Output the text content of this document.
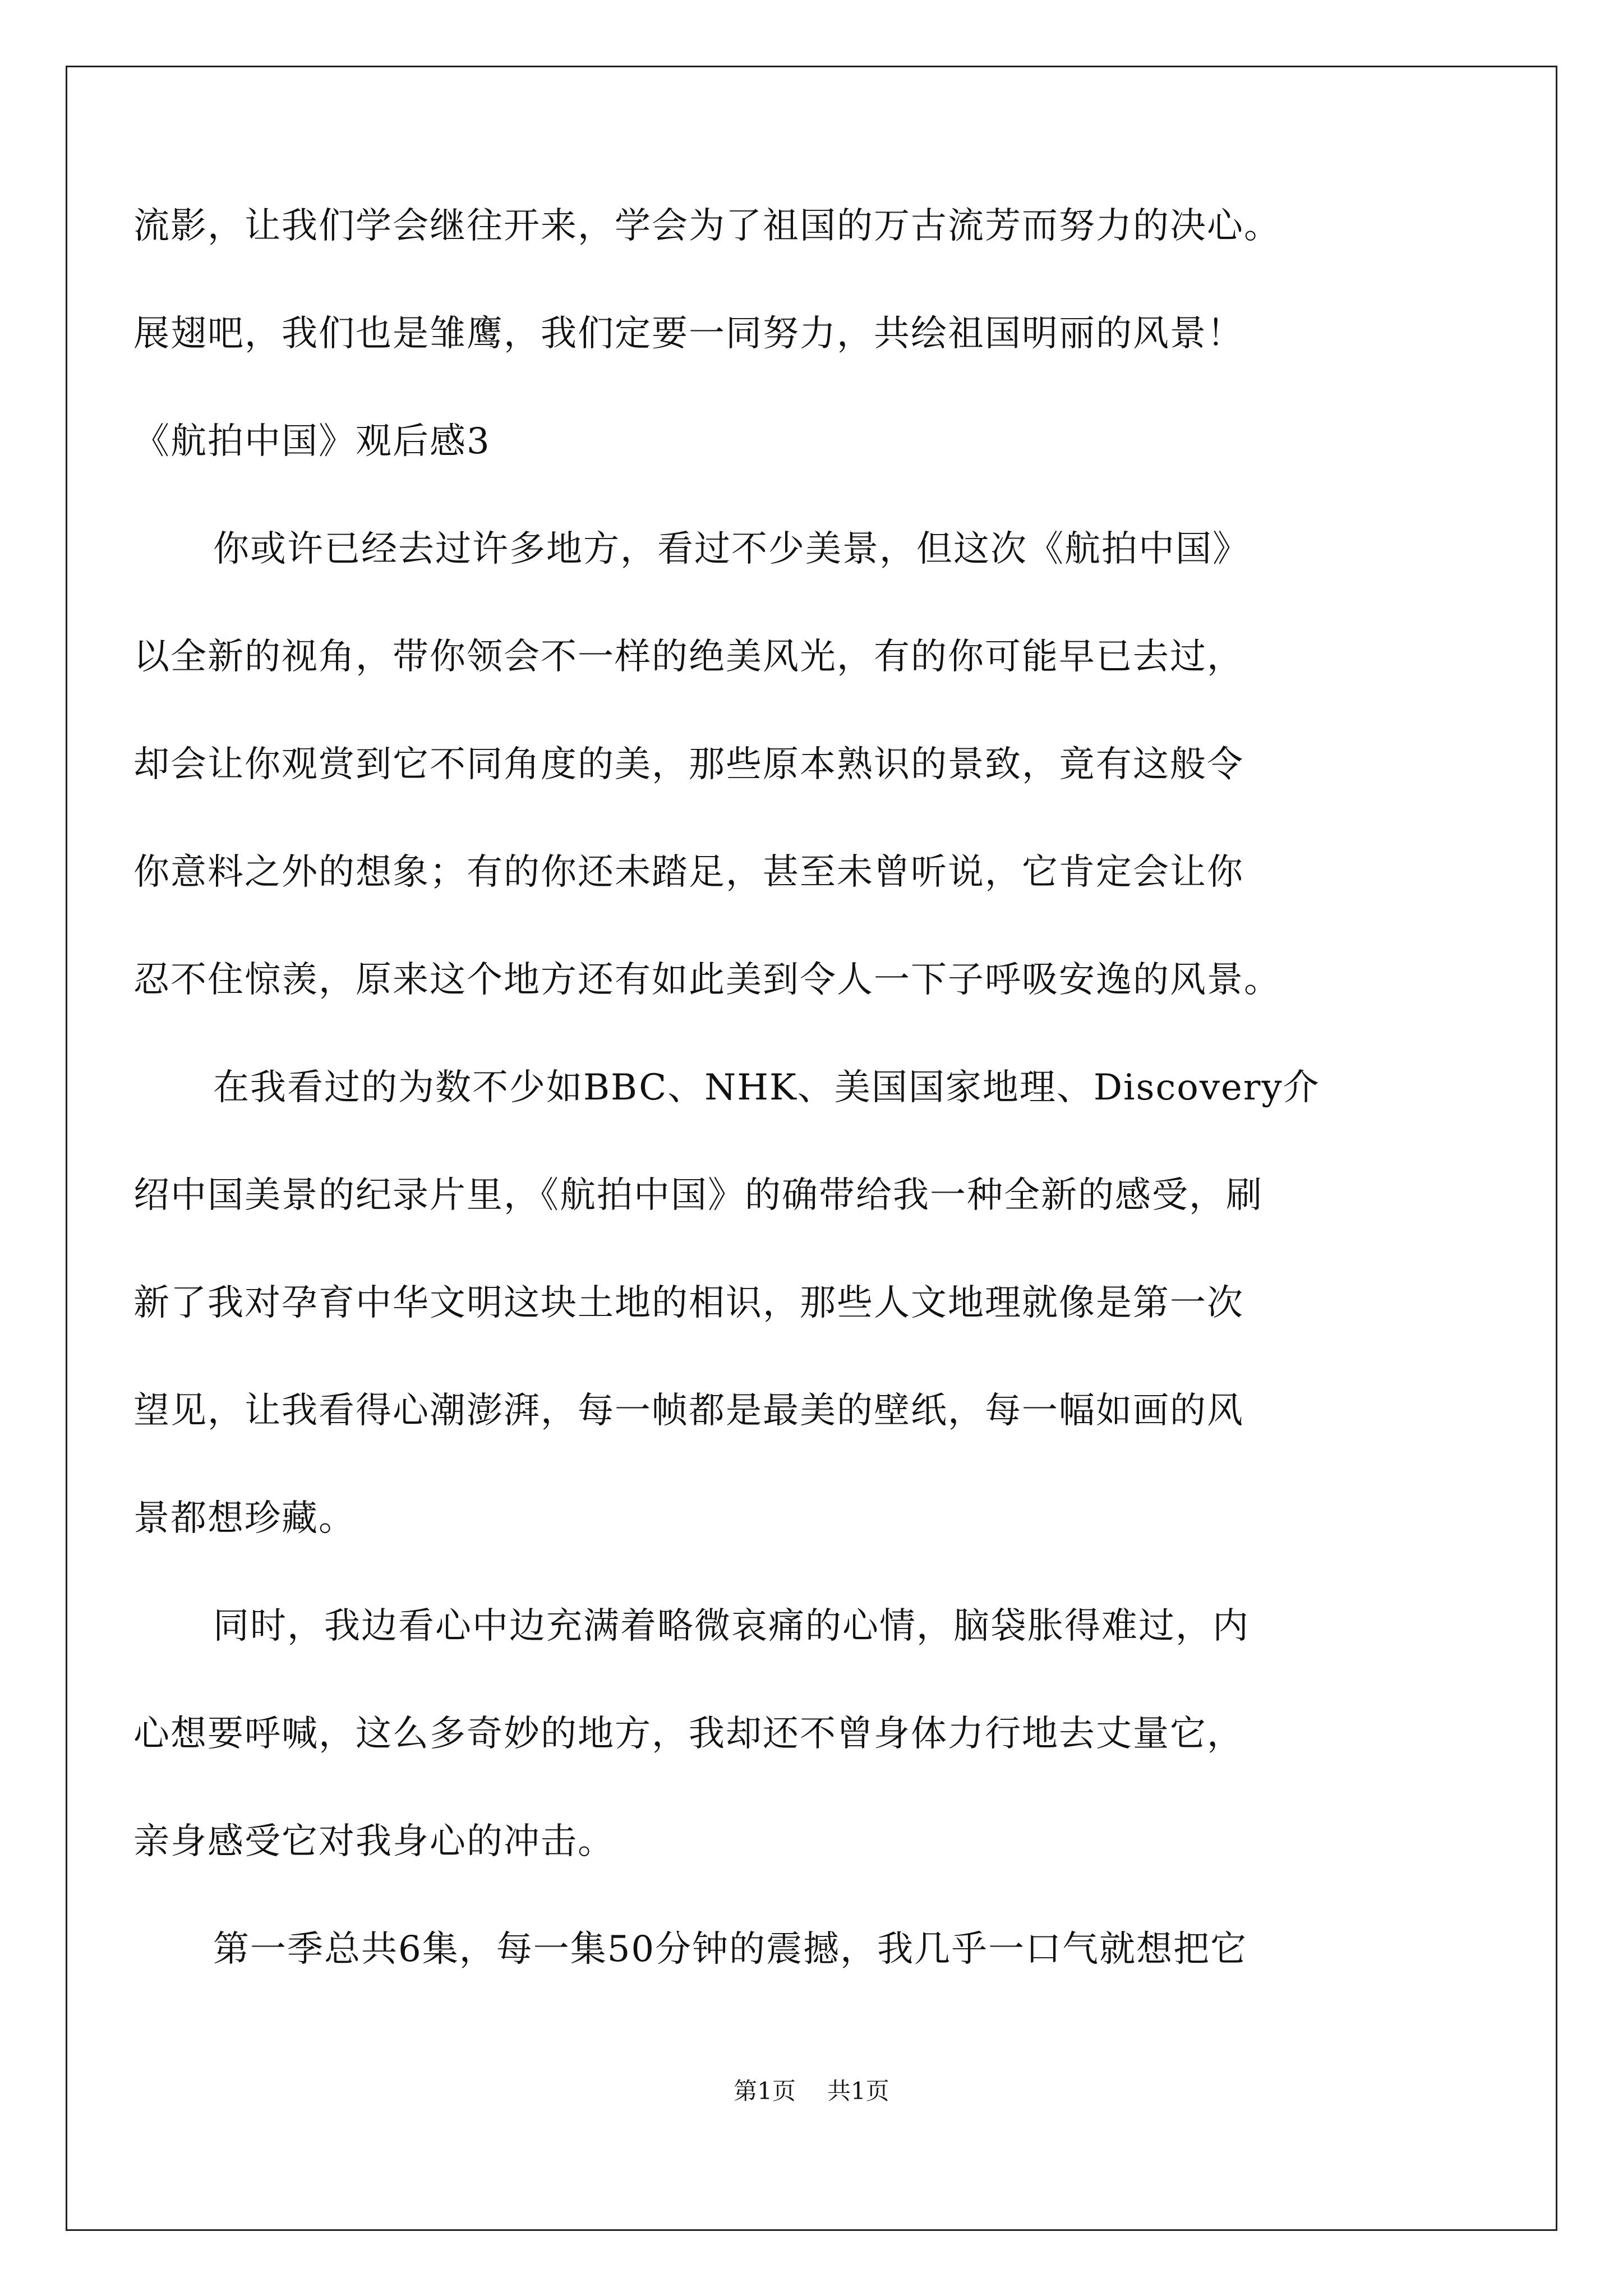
流影，让我们学会继往开来，学会为了祖国的万古流芳而努力的决心。
展翅吧，我们也是雏鹰，我们定要一同努力，共绘祖国明丽的风景！
《航拍中国》观后感3
你或许已经去过许多地方，看过不少美景，但这次《航拍中国》
以全新的视角，带你领会不一样的绝美风光，有的你可能早已去过，
却会让你观赏到它不同角度的美，那些原本熟识的景致，竟有这般令
你意料之外的想象；有的你还未踏足，甚至未曾听说，它肯定会让你
忍不住惊羡，原来这个地方还有如此美到令人一下子呼吸安逸的风景。
在我看过的为数不少如BBC、NHK、美国国家地理、Discovery介
绍中国美景的纪录片里，《航拍中国》的确带给我一种全新的感受，刷
新了我对孕育中华文明这块土地的相识，那些人文地理就像是第一次
望见，让我看得心潮澎湃，每一帧都是最美的壁纸，每一幅如画的风
景都想珍藏。
同时，我边看心中边充满着略微哀痛的心情，脑袋胀得难过，内
心想要呼喊，这么多奇妙的地方，我却还不曾身体力行地去丈量它，
亲身感受它对我身心的冲击。
第一季总共6集，每一集50分钟的震撼，我几乎一口气就想把它
第1页 共1页
